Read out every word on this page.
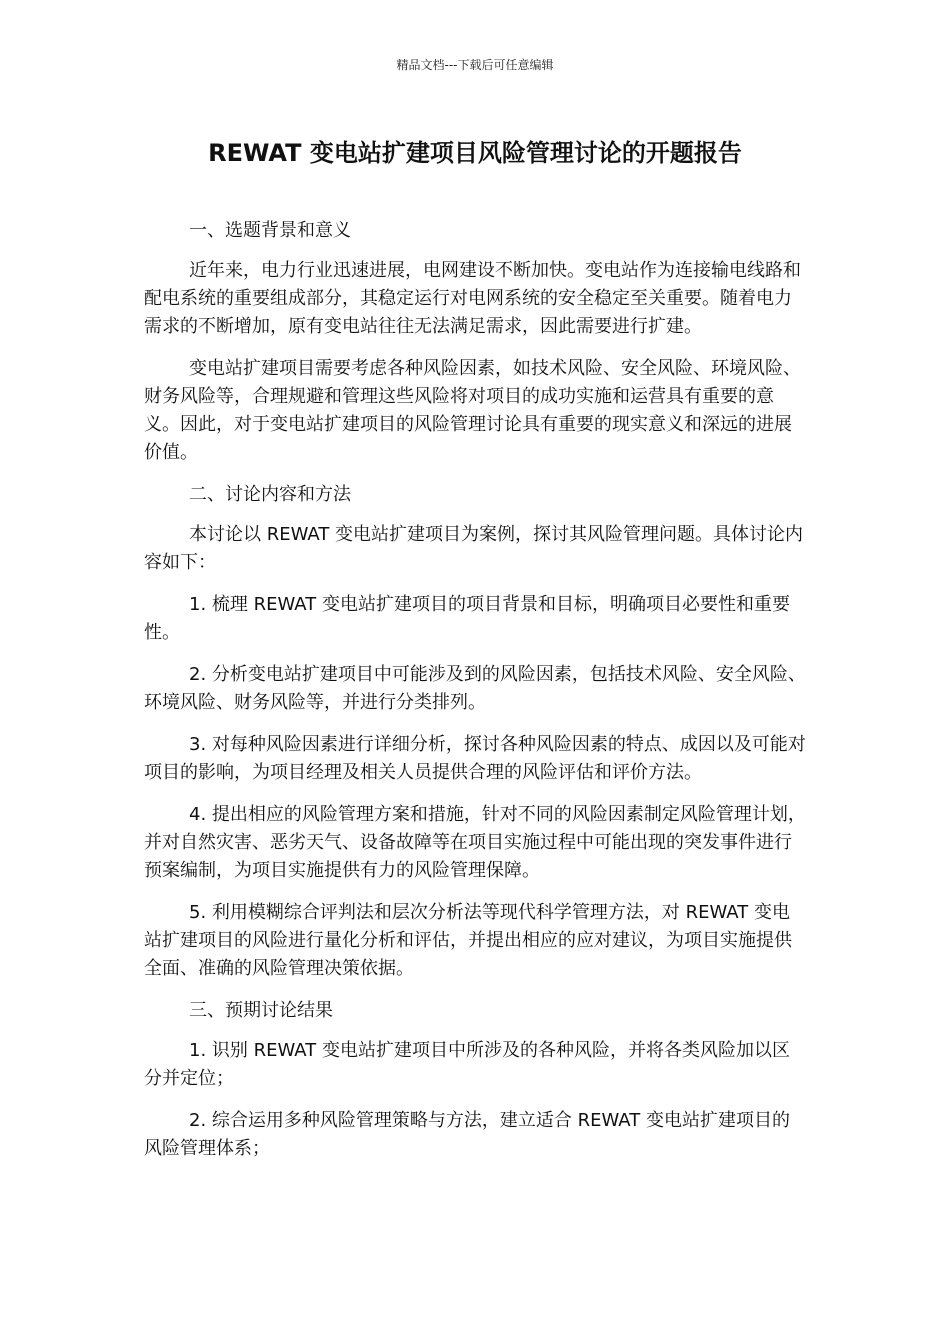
精品文档---下载后可任意编辑
REWAT 变电站扩建项目风险管理讨论的开题报告

一、选题背景和意义

近年来，电力行业迅速进展，电网建设不断加快。变电站作为连接输电线路和配电系统的重要组成部分，其稳定运行对电网系统的安全稳定至关重要。随着电力需求的不断增加，原有变电站往往无法满足需求，因此需要进行扩建。

变电站扩建项目需要考虑各种风险因素，如技术风险、安全风险、环境风险、财务风险等，合理规避和管理这些风险将对项目的成功实施和运营具有重要的意义。因此，对于变电站扩建项目的风险管理讨论具有重要的现实意义和深远的进展价值。

二、讨论内容和方法

本讨论以 REWAT 变电站扩建项目为案例，探讨其风险管理问题。具体讨论内容如下：

1. 梳理 REWAT 变电站扩建项目的项目背景和目标，明确项目必要性和重要性。

2. 分析变电站扩建项目中可能涉及到的风险因素，包括技术风险、安全风险、环境风险、财务风险等，并进行分类排列。

3. 对每种风险因素进行详细分析，探讨各种风险因素的特点、成因以及可能对项目的影响，为项目经理及相关人员提供合理的风险评估和评价方法。

4. 提出相应的风险管理方案和措施，针对不同的风险因素制定风险管理计划，并对自然灾害、恶劣天气、设备故障等在项目实施过程中可能出现的突发事件进行预案编制，为项目实施提供有力的风险管理保障。

5. 利用模糊综合评判法和层次分析法等现代科学管理方法，对 REWAT 变电站扩建项目的风险进行量化分析和评估，并提出相应的应对建议，为项目实施提供全面、准确的风险管理决策依据。

三、预期讨论结果

1. 识别 REWAT 变电站扩建项目中所涉及的各种风险，并将各类风险加以区分并定位；

2. 综合运用多种风险管理策略与方法，建立适合 REWAT 变电站扩建项目的风险管理体系；
